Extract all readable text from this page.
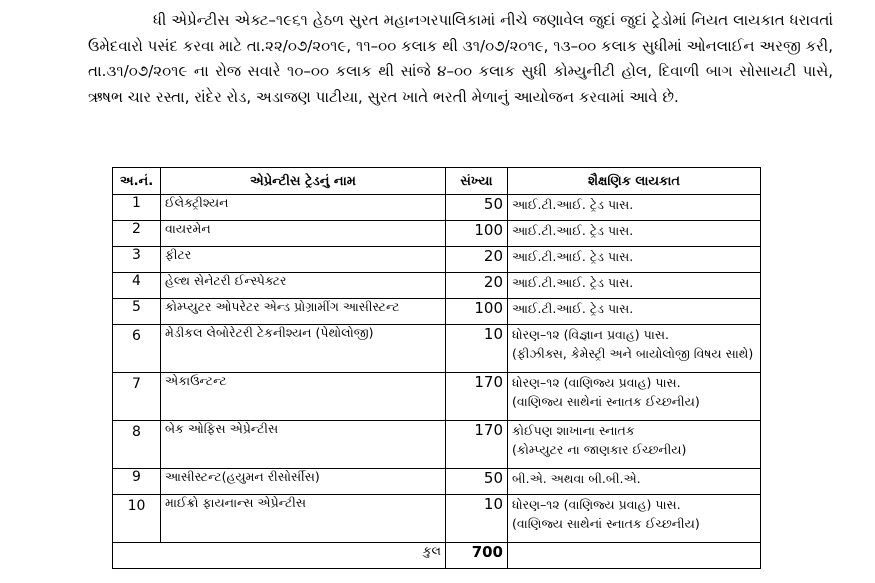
ધી એપ્રેન્ટીસ એક્ટ–૧૯૬૧ હેઠળ સુરત મહાનગરપાલિકામાં નીચે જણાવેલ જુદાં જુદાં ટ્રેડોમાં નિયત લાયકાત ધરાવતાં ઉમેદવારો પસંદ કરવા માટે તા.૨૨/૦૭/૨૦૧૯, ૧૧–૦૦ કલાક થી ૩૧/૦૭/૨૦૧૯, ૧૩–૦૦ કલાક સુધીમાં ઓનલાઈન અરજી કરી, તા.૩૧/૦૭/૨૦૧૯ ના રોજ સવારે ૧૦–૦૦ કલાક થી સાંજે ૪–૦૦ કલાક સુધી કોમ્યુનીટી હોલ, દિવાળી બાગ સોસાયટી પાસે, ઋષભ ચાર રસ્તા, રાંદેર રોડ, અડાજણ પાટીયા, સુરત ખાતે ભરતી મેળાનું આયોજન કરવામાં આવે છે.

અ.નં.	એપ્રેન્ટીસ ટ્રેડનું નામ	સંખ્યા	શૈક્ષણિક લાયકાત
1	ઈલેક્ટ્રીશ્યન	50	આઈ.ટી.આઈ. ટ્રેડ પાસ.

2	વાયરમેન	100	આઈ.ટી.આઈ. ટ્રેડ પાસ.

3	ફીટર	20	આઈ.ટી.આઈ. ટ્રેડ પાસ.

4	હેલ્થ સેનેટરી ઈન્સ્પેક્ટર	20	આઈ.ટી.આઈ. ટ્રેડ પાસ.

5	કોમ્પ્યુટર ઓપરેટર એન્ડ પ્રોગ્રામીંગ આસીસ્ટન્ટ	100	આઈ.ટી.આઈ. ટ્રેડ પાસ.

6	મેડીકલ લેબોરેટરી ટેકનીશ્યન (પેથોલોજી)	10	ધોરણ–૧૨ (વિજ્ઞાન પ્રવાહ) પાસ.
(ફીઝીક્સ, કેમેસ્ટ્રી અને બાયોલોજી વિષય સાથે)

7	એકાઉન્ટન્ટ	170	ધોરણ–૧૨ (વાણિજ્ય પ્રવાહ) પાસ.
(વાણિજ્ય સાથેનાં સ્નાતક ઈચ્છનીય)

8	બેક ઓફિસ એપ્રેન્ટીસ	170	કોઈપણ શાખાના સ્નાતક
(કોમ્પ્યુટર ના જાણકાર ઈચ્છનીય)

9	આસીસ્ટન્ટ(હયુમન રીસોર્સીસ)	50	બી.એ. અથવા બી.બી.એ.

10	માઈક્રો ફાયનાન્સ એપ્રેન્ટીસ	10	ધોરણ–૧૨ (વાણિજ્ય પ્રવાહ) પાસ.
(વાણિજ્ય સાથેનાં સ્નાતક ઈચ્છનીય)

કુલ		700	
